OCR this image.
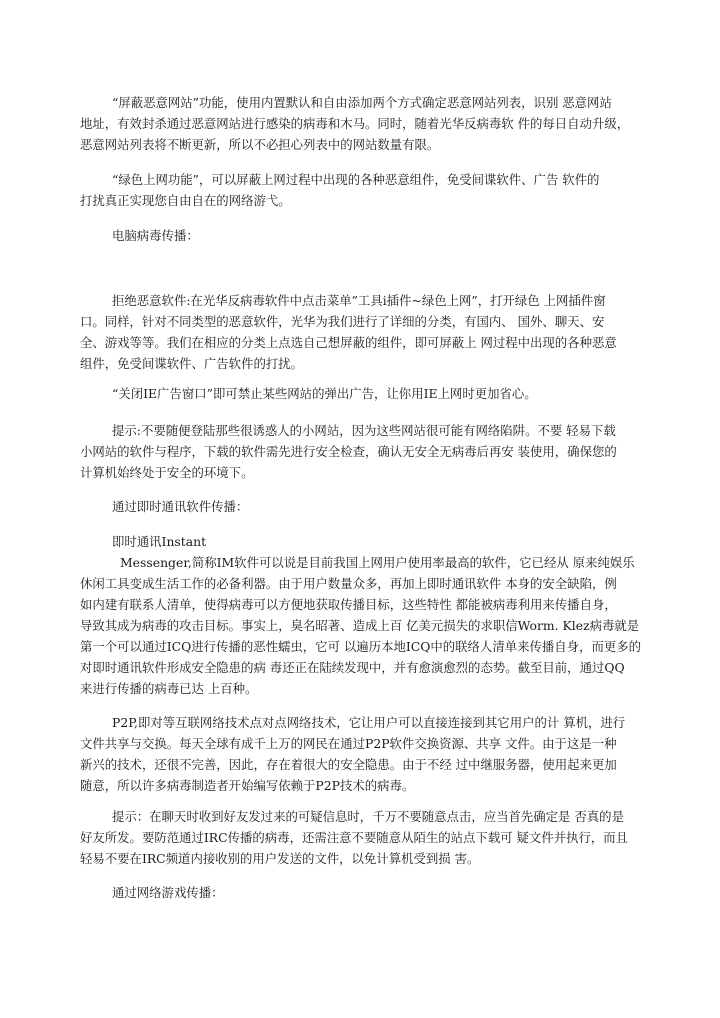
“屏蔽恶意网站”功能，使用内置默认和自由添加两个方式确定恶意网站列表，识别 恶意网站
地址，有效封杀通过恶意网站进行感染的病毒和木马。同时，随着光华反病毒软 件的每日自动升级，
恶意网站列表将不断更新，所以不必担心列表中的网站数量有限。

“绿色上网功能”，可以屏蔽上网过程中出现的各种恶意组件，免受间谍软件、广告 软件的
打扰真正实现您自由自在的网络游弋。

电脑病毒传播：

拒绝恶意软件:在光华反病毒软件中点击菜单”工具i插件~绿色上网”，打开绿色 上网插件窗
口。同样，针对不同类型的恶意软件，光华为我们进行了详细的分类，有国内、 国外、聊天、安
全、游戏等等。我们在相应的分类上点选自己想屏蔽的组件，即可屏蔽上 网过程中出现的各种恶意
组件，免受间谍软件、广告软件的打扰。

“关闭IE广告窗口”即可禁止某些网站的弹出广告，让你用IE上网时更加省心。

提示:不要随便登陆那些很诱惑人的小网站，因为这些网站很可能有网络陷阱。不要 轻易下载
小网站的软件与程序，下载的软件需先进行安全检查，确认无安全无病毒后再安 装使用，确保您的
计算机始终处于安全的环境下。

通过即时通讯软件传播：

即时通讯Instant
Messenger,简称IM软件可以说是目前我国上网用户使用率最高的软件，它已经从 原来纯娱乐
休闲工具变成生活工作的必备利器。由于用户数量众多，再加上即时通讯软件 本身的安全缺陷，例
如内建有联系人清单，使得病毒可以方便地获取传播目标，这些特性 都能被病毒利用来传播自身，
导致其成为病毒的攻击目标。事实上，臭名昭著、造成上百 亿美元损失的求职信Worm. Klez病毒就是
第一个可以通过ICQ进行传播的恶性蠕虫，它可 以遍历本地ICQ中的联络人清单来传播自身，而更多的
对即时通讯软件形成安全隐患的病 毒还正在陆续发现中，并有愈演愈烈的态势。截至目前，通过QQ
来进行传播的病毒已达 上百种。

P2P,即对等互联网络技术点对点网络技术，它让用户可以直接连接到其它用户的计 算机，进行
文件共享与交换。每天全球有成千上万的网民在通过P2P软件交换资源、共享 文件。由于这是一种
新兴的技术，还很不完善，因此，存在着很大的安全隐患。由于不经 过中继服务器，使用起来更加
随意，所以许多病毒制造者开始编写依赖于P2P技术的病毒。

提示：在聊天时收到好友发过来的可疑信息时，千万不要随意点击，应当首先确定是 否真的是
好友所发。要防范通过IRC传播的病毒，还需注意不要随意从陌生的站点下载可 疑文件并执行，而且
轻易不要在IRC频道内接收别的用户发送的文件，以免计算机受到损 害。

通过网络游戏传播：
